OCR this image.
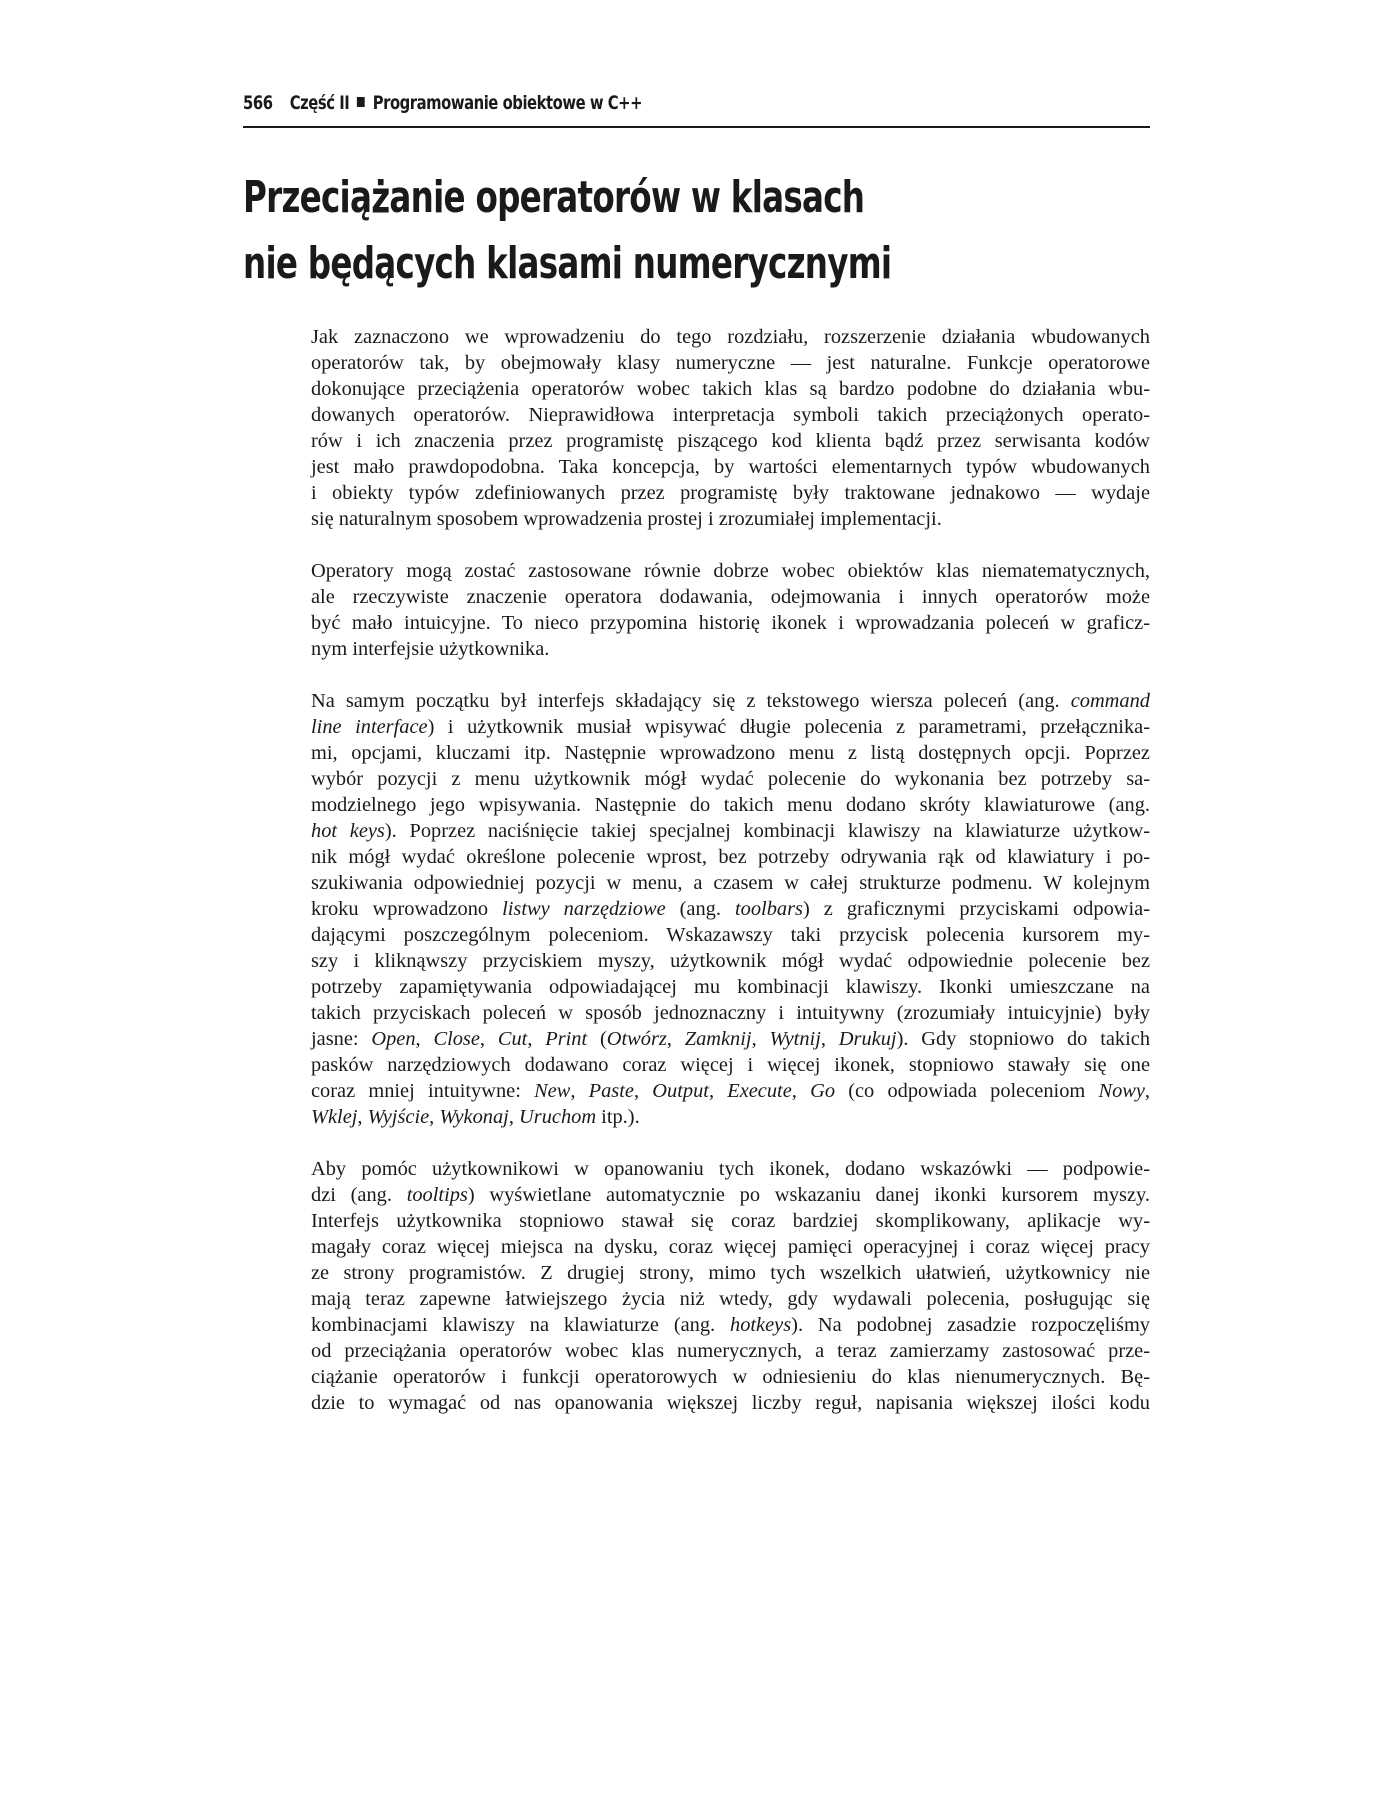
566 Część II Programowanie obiektowe w C++
Przeciążanie operatorów w klasach
nie będących klasami numerycznymi

Jak zaznaczono we wprowadzeniu do tego rozdziału, rozszerzenie działania wbudowanych
operatorów tak, by obejmowały klasy numeryczne — jest naturalne. Funkcje operatorowe
dokonujące przeciążenia operatorów wobec takich klas są bardzo podobne do działania wbu-
dowanych operatorów. Nieprawidłowa interpretacja symboli takich przeciążonych operato-
rów i ich znaczenia przez programistę piszącego kod klienta bądź przez serwisanta kodów
jest mało prawdopodobna. Taka koncepcja, by wartości elementarnych typów wbudowanych
i obiekty typów zdefiniowanych przez programistę były traktowane jednakowo — wydaje
się naturalnym sposobem wprowadzenia prostej i zrozumiałej implementacji.

Operatory mogą zostać zastosowane równie dobrze wobec obiektów klas niematematycznych,
ale rzeczywiste znaczenie operatora dodawania, odejmowania i innych operatorów może
być mało intuicyjne. To nieco przypomina historię ikonek i wprowadzania poleceń w graficz-
nym interfejsie użytkownika.

Na samym początku był interfejs składający się z tekstowego wiersza poleceń (ang. command
line interface) i użytkownik musiał wpisywać długie polecenia z parametrami, przełącznika-
mi, opcjami, kluczami itp. Następnie wprowadzono menu z listą dostępnych opcji. Poprzez
wybór pozycji z menu użytkownik mógł wydać polecenie do wykonania bez potrzeby sa-
modzielnego jego wpisywania. Następnie do takich menu dodano skróty klawiaturowe (ang.
hot keys). Poprzez naciśnięcie takiej specjalnej kombinacji klawiszy na klawiaturze użytkow-
nik mógł wydać określone polecenie wprost, bez potrzeby odrywania rąk od klawiatury i po-
szukiwania odpowiedniej pozycji w menu, a czasem w całej strukturze podmenu. W kolejnym
kroku wprowadzono listwy narzędziowe (ang. toolbars) z graficznymi przyciskami odpowia-
dającymi poszczególnym poleceniom. Wskazawszy taki przycisk polecenia kursorem my-
szy i kliknąwszy przyciskiem myszy, użytkownik mógł wydać odpowiednie polecenie bez
potrzeby zapamiętywania odpowiadającej mu kombinacji klawiszy. Ikonki umieszczane na
takich przyciskach poleceń w sposób jednoznaczny i intuitywny (zrozumiały intuicyjnie) były
jasne: Open, Close, Cut, Print (Otwórz, Zamknij, Wytnij, Drukuj). Gdy stopniowo do takich
pasków narzędziowych dodawano coraz więcej i więcej ikonek, stopniowo stawały się one
coraz mniej intuitywne: New, Paste, Output, Execute, Go (co odpowiada poleceniom Nowy,
Wklej, Wyjście, Wykonaj, Uruchom itp.).

Aby pomóc użytkownikowi w opanowaniu tych ikonek, dodano wskazówki — podpowie-
dzi (ang. tooltips) wyświetlane automatycznie po wskazaniu danej ikonki kursorem myszy.
Interfejs użytkownika stopniowo stawał się coraz bardziej skomplikowany, aplikacje wy-
magały coraz więcej miejsca na dysku, coraz więcej pamięci operacyjnej i coraz więcej pracy
ze strony programistów. Z drugiej strony, mimo tych wszelkich ułatwień, użytkownicy nie
mają teraz zapewne łatwiejszego życia niż wtedy, gdy wydawali polecenia, posługując się
kombinacjami klawiszy na klawiaturze (ang. hotkeys). Na podobnej zasadzie rozpoczęliśmy
od przeciążania operatorów wobec klas numerycznych, a teraz zamierzamy zastosować prze-
ciążanie operatorów i funkcji operatorowych w odniesieniu do klas nienumerycznych. Bę-
dzie to wymagać od nas opanowania większej liczby reguł, napisania większej ilości kodu
